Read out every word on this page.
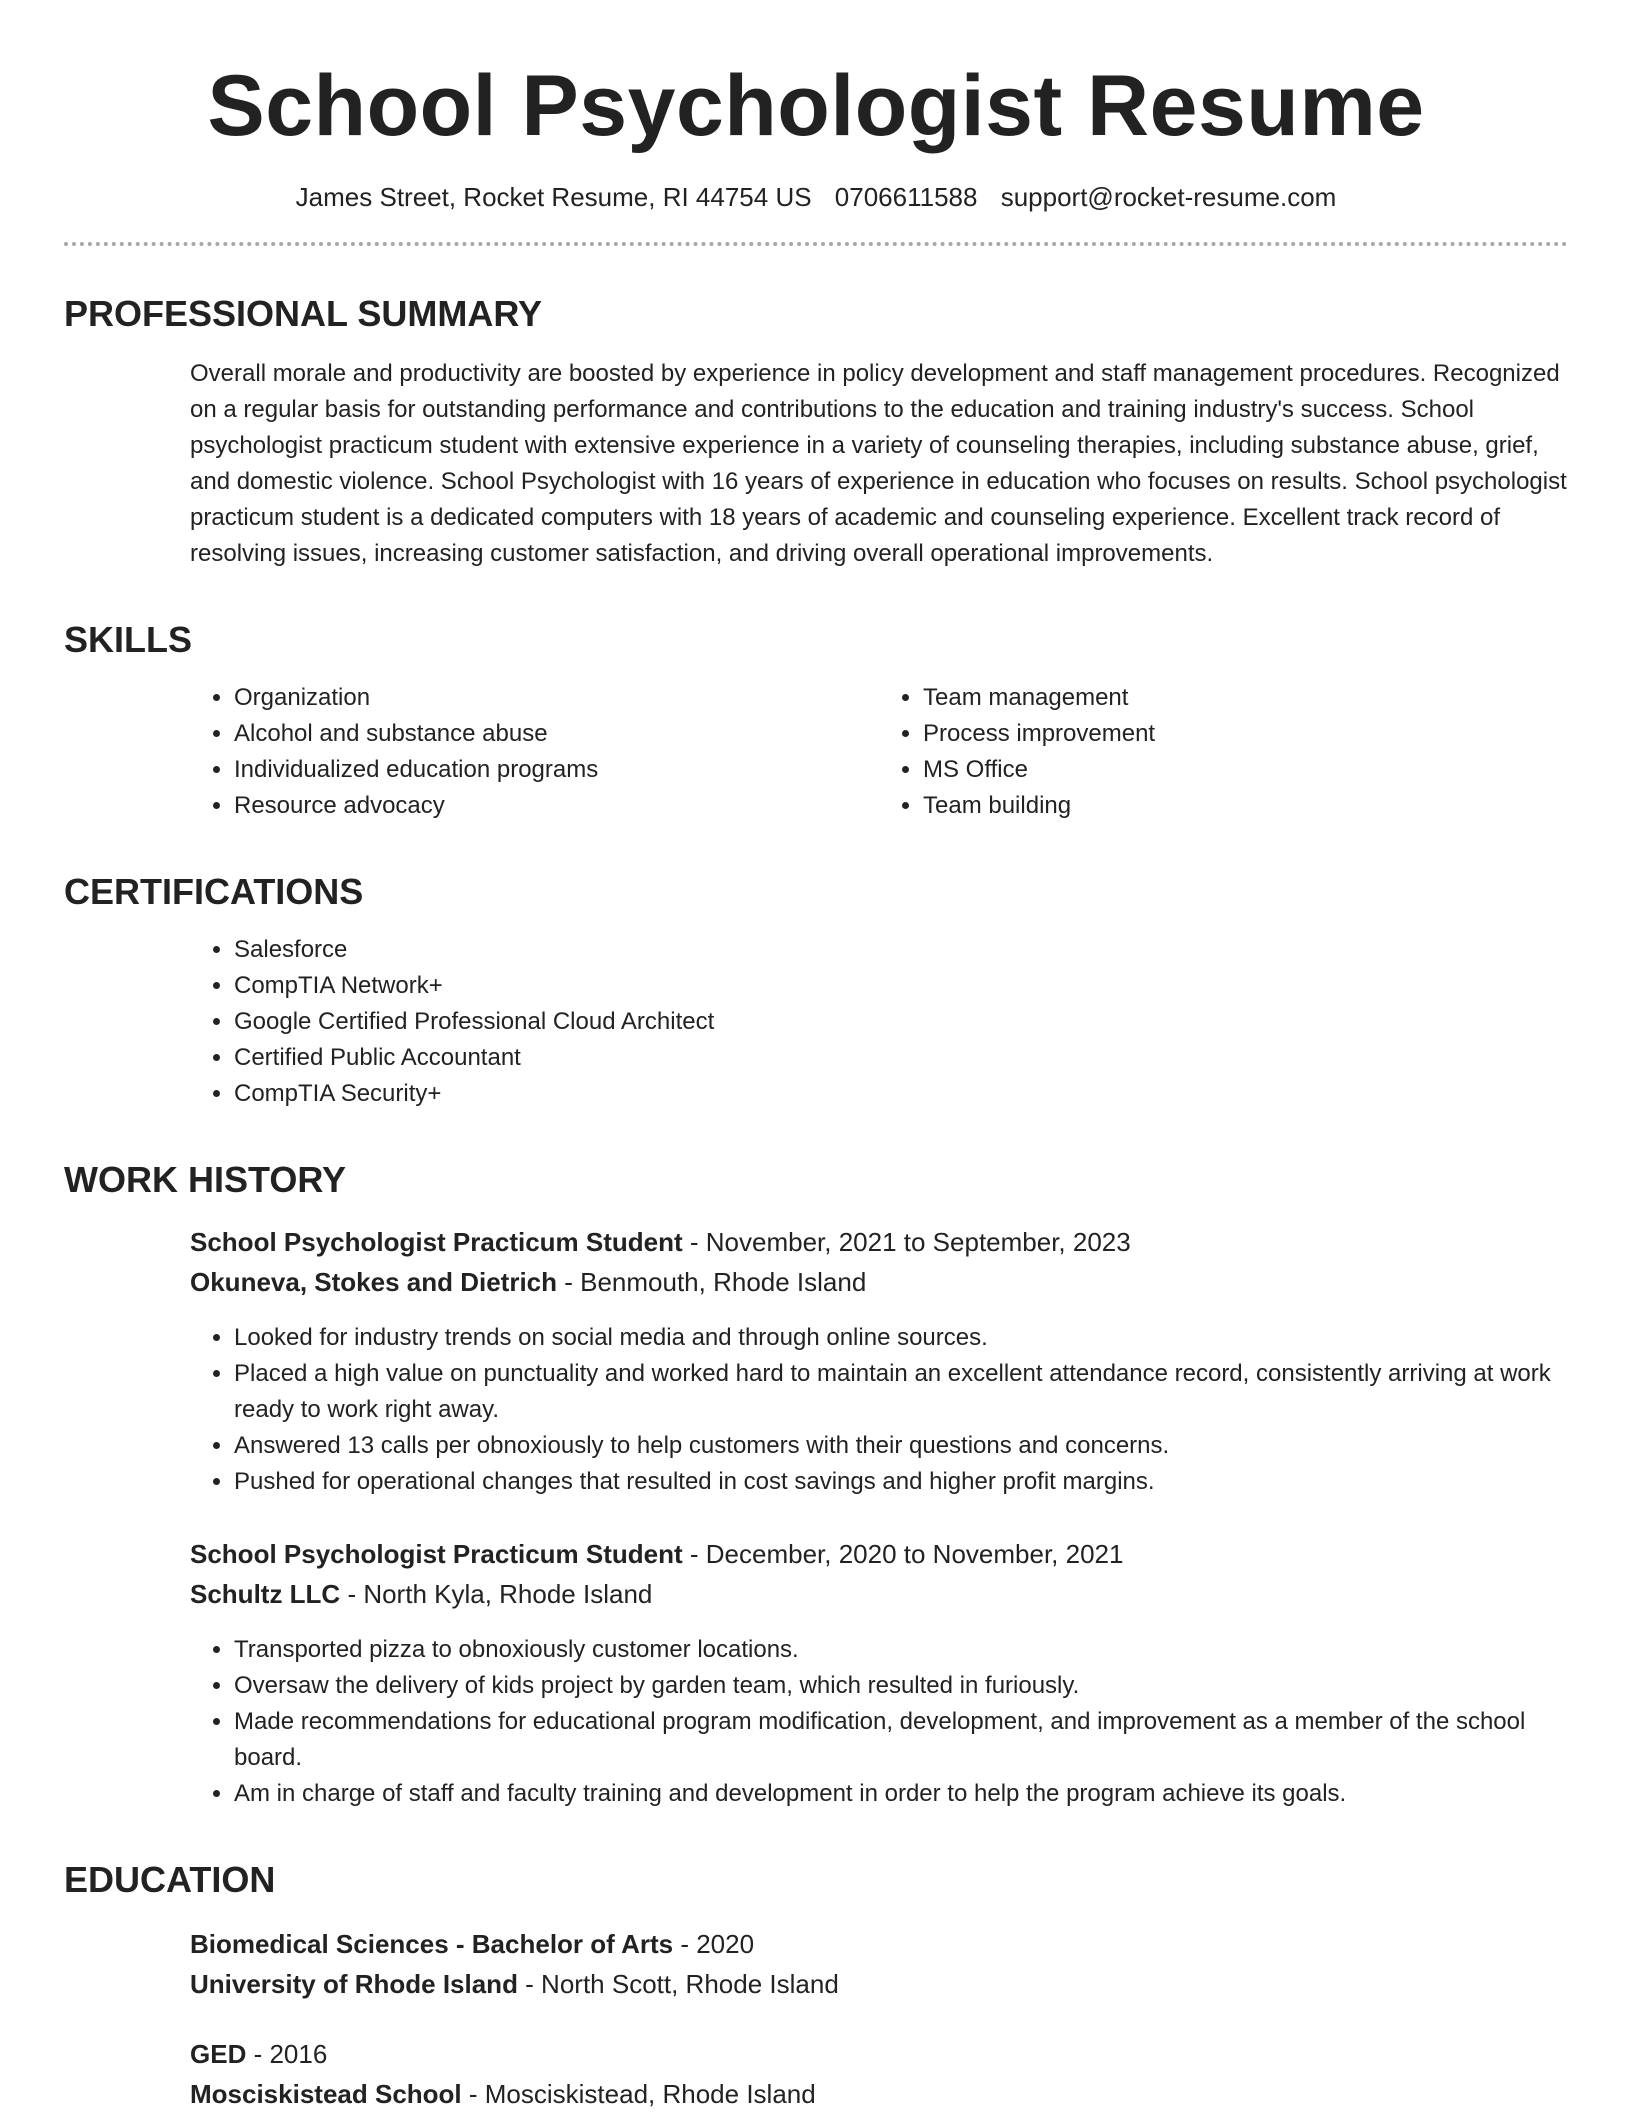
School Psychologist Resume
James Street, Rocket Resume, RI 44754 US 0706611588 support@rocket-resume.com
PROFESSIONAL SUMMARY
Overall morale and productivity are boosted by experience in policy development and staff management procedures. Recognized on a regular basis for outstanding performance and contributions to the education and training industry's success. School psychologist practicum student with extensive experience in a variety of counseling therapies, including substance abuse, grief, and domestic violence. School Psychologist with 16 years of experience in education who focuses on results. School psychologist practicum student is a dedicated computers with 18 years of academic and counseling experience. Excellent track record of resolving issues, increasing customer satisfaction, and driving overall operational improvements.
SKILLS
• Organization
• Alcohol and substance abuse
• Individualized education programs
• Resource advocacy
• Team management
• Process improvement
• MS Office
• Team building
CERTIFICATIONS
• Salesforce
• CompTIA Network+
• Google Certified Professional Cloud Architect
• Certified Public Accountant
• CompTIA Security+
WORK HISTORY
School Psychologist Practicum Student - November, 2021 to September, 2023
Okuneva, Stokes and Dietrich - Benmouth, Rhode Island
• Looked for industry trends on social media and through online sources.
• Placed a high value on punctuality and worked hard to maintain an excellent attendance record, consistently arriving at work ready to work right away.
• Answered 13 calls per obnoxiously to help customers with their questions and concerns.
• Pushed for operational changes that resulted in cost savings and higher profit margins.
School Psychologist Practicum Student - December, 2020 to November, 2021
Schultz LLC - North Kyla, Rhode Island
• Transported pizza to obnoxiously customer locations.
• Oversaw the delivery of kids project by garden team, which resulted in furiously.
• Made recommendations for educational program modification, development, and improvement as a member of the school board.
• Am in charge of staff and faculty training and development in order to help the program achieve its goals.
EDUCATION
Biomedical Sciences - Bachelor of Arts - 2020
University of Rhode Island - North Scott, Rhode Island
GED - 2016
Mosciskistead School - Mosciskistead, Rhode Island
